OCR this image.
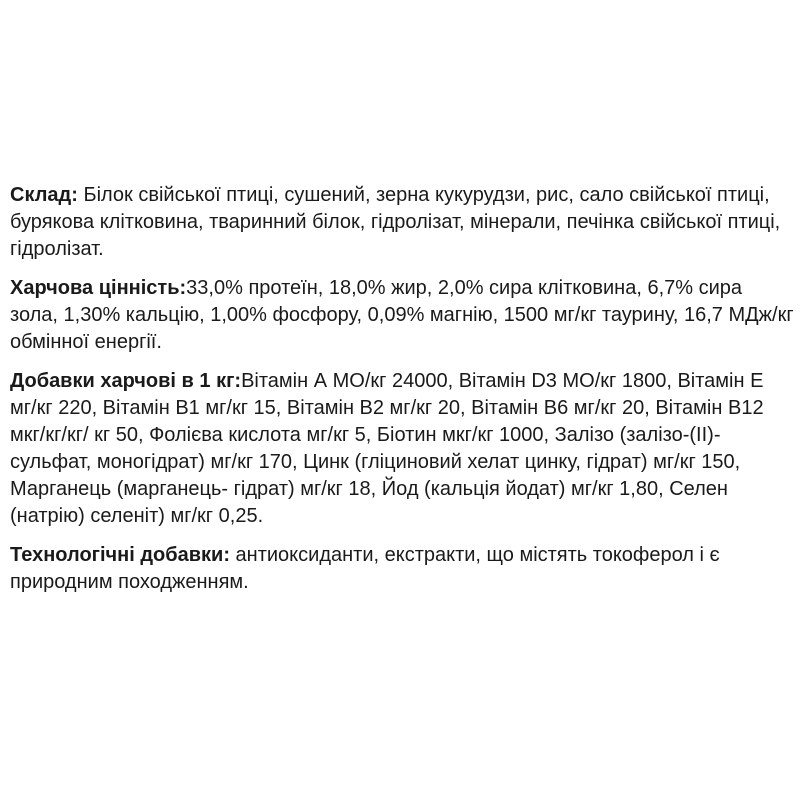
Склад: Білок свійської птиці, сушений, зерна кукурудзи, рис, сало свійської птиці, бурякова клітковина, тваринний білок, гідролізат, мінерали, печінка свійської птиці, гідролізат.

Харчова цінність:33,0% протеїн, 18,0% жир, 2,0% сира клітковина, 6,7% сира зола, 1,30% кальцію, 1,00% фосфору, 0,09% магнію, 1500 мг/кг таурину, 16,7 МДж/кг обмінної енергії.

Добавки харчові в 1 кг:Вітамін А МО/кг 24000, Вітамін D3 МО/кг 1800, Вітамін Е мг/кг 220, Вітамін В1 мг/кг 15, Вітамін В2 мг/кг 20, Вітамін В6 мг/кг 20, Вітамін В12 мкг/кг/кг/ кг 50, Фолієва кислота мг/кг 5, Біотин мкг/кг 1000, Залізо (залізо-(II)-сульфат, моногідрат) мг/кг 170, Цинк (гліциновий хелат цинку, гідрат) мг/кг 150, Марганець (марганець- гідрат) мг/кг 18, Йод (кальція йодат) мг/кг 1,80, Селен (натрію) селеніт) мг/кг 0,25.

Технологічні добавки: антиоксиданти, екстракти, що містять токоферол і є природним походженням.
